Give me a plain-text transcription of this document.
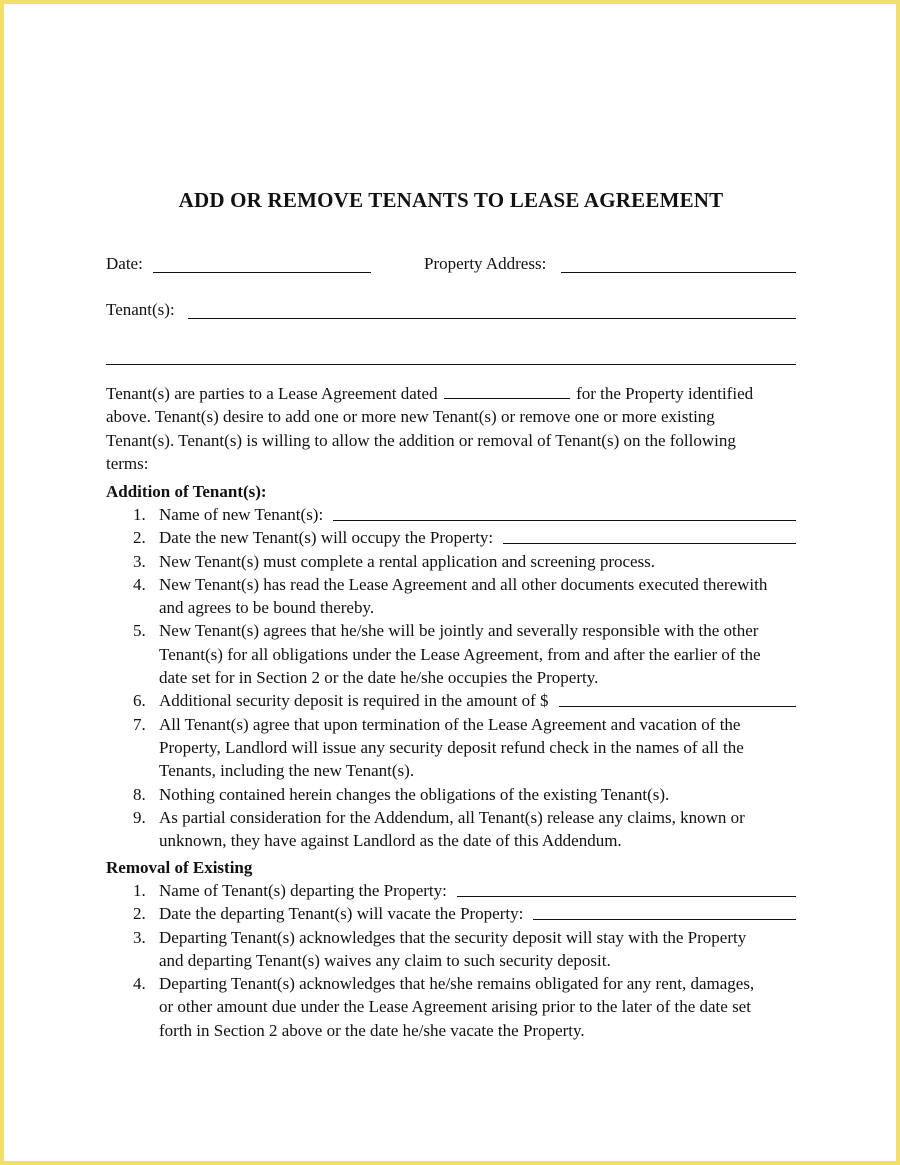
ADD OR REMOVE TENANTS TO LEASE AGREEMENT
Date:	Property Address:
Tenant(s):
Tenant(s) are parties to a Lease Agreement dated	for the Property identified
above. Tenant(s) desire to add one or more new Tenant(s) or remove one or more existing
Tenant(s). Tenant(s) is willing to allow the addition or removal of Tenant(s) on the following
terms:
Addition of Tenant(s):
1. Name of new Tenant(s):
2. Date the new Tenant(s) will occupy the Property:
3. New Tenant(s) must complete a rental application and screening process.
4. New Tenant(s) has read the Lease Agreement and all other documents executed therewith
and agrees to be bound thereby.
5. New Tenant(s) agrees that he/she will be jointly and severally responsible with the other
Tenant(s) for all obligations under the Lease Agreement, from and after the earlier of the
date set for in Section 2 or the date he/she occupies the Property.
6. Additional security deposit is required in the amount of $
7. All Tenant(s) agree that upon termination of the Lease Agreement and vacation of the
Property, Landlord will issue any security deposit refund check in the names of all the
Tenants, including the new Tenant(s).
8. Nothing contained herein changes the obligations of the existing Tenant(s).
9. As partial consideration for the Addendum, all Tenant(s) release any claims, known or
unknown, they have against Landlord as the date of this Addendum.
Removal of Existing
1. Name of Tenant(s) departing the Property:
2. Date the departing Tenant(s) will vacate the Property:
3. Departing Tenant(s) acknowledges that the security deposit will stay with the Property
and departing Tenant(s) waives any claim to such security deposit.
4. Departing Tenant(s) acknowledges that he/she remains obligated for any rent, damages,
or other amount due under the Lease Agreement arising prior to the later of the date set
forth in Section 2 above or the date he/she vacate the Property.
